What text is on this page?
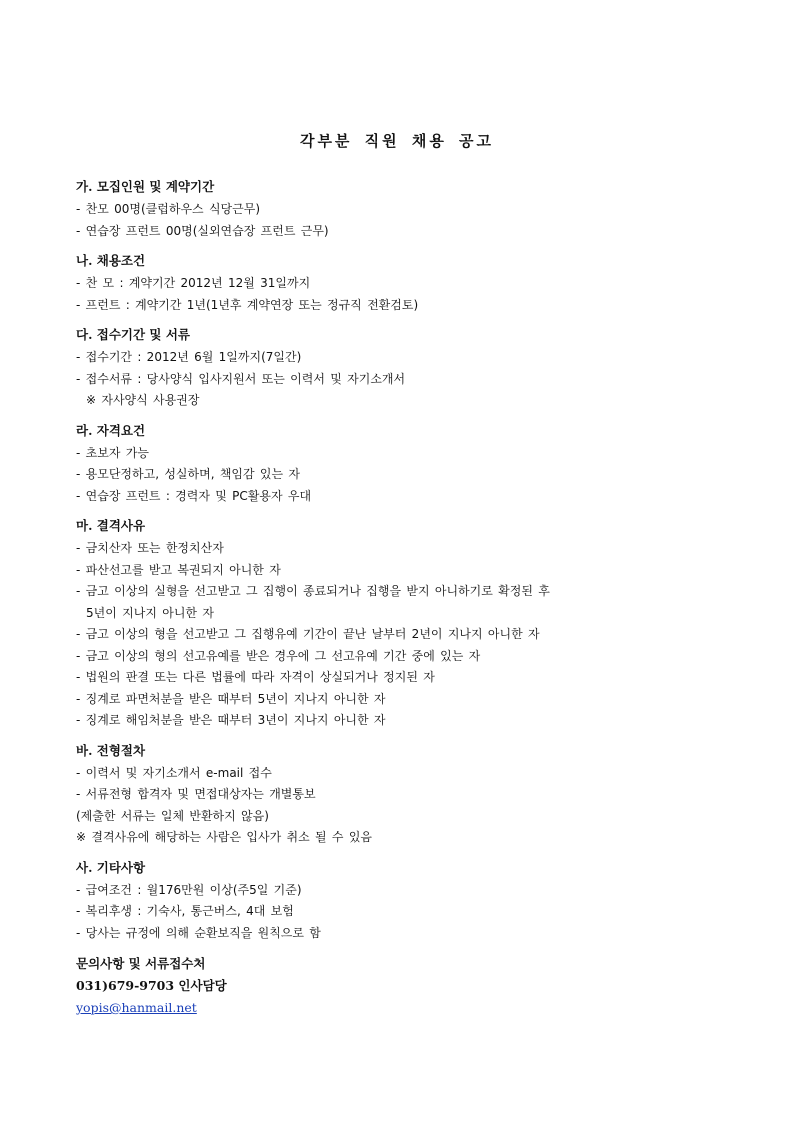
각부분 직원 채용 공고
가. 모집인원 및 계약기간
- 찬모 00명(클럽하우스 식당근무)
- 연습장 프런트 00명(실외연습장 프런트 근무)
나. 채용조건
- 찬 모 : 계약기간 2012년 12월 31일까지
- 프런트 : 계약기간 1년(1년후 계약연장 또는 정규직 전환검토)
다. 접수기간 및 서류
- 접수기간 : 2012년 6월 1일까지(7일간)
- 접수서류 : 당사양식 입사지원서 또는 이력서 및 자기소개서
※ 자사양식 사용권장
라. 자격요건
- 초보자 가능
- 용모단정하고, 성실하며, 책임감 있는 자
- 연습장 프런트 : 경력자 및 PC활용자 우대
마. 결격사유
- 금치산자 또는 한정치산자
- 파산선고를 받고 복권되지 아니한 자
- 금고 이상의 실형을 선고받고 그 집행이 종료되거나 집행을 받지 아니하기로 확정된 후
5년이 지나지 아니한 자
- 금고 이상의 형을 선고받고 그 집행유예 기간이 끝난 날부터 2년이 지나지 아니한 자
- 금고 이상의 형의 선고유예를 받은 경우에 그 선고유예 기간 중에 있는 자
- 법원의 판결 또는 다른 법률에 따라 자격이 상실되거나 정지된 자
- 징계로 파면처분을 받은 때부터 5년이 지나지 아니한 자
- 징계로 해임처분을 받은 때부터 3년이 지나지 아니한 자
바. 전형절차
- 이력서 및 자기소개서 e-mail 접수
- 서류전형 합격자 및 면접대상자는 개별통보
(제출한 서류는 일체 반환하지 않음)
※ 결격사유에 해당하는 사람은 입사가 취소 될 수 있음
사. 기타사항
- 급여조건 : 월176만원 이상(주5일 기준)
- 복리후생 : 기숙사, 통근버스, 4대 보험
- 당사는 규정에 의해 순환보직을 원칙으로 함
문의사항 및 서류접수처
031)679-9703 인사담당
yopis@hanmail.net
